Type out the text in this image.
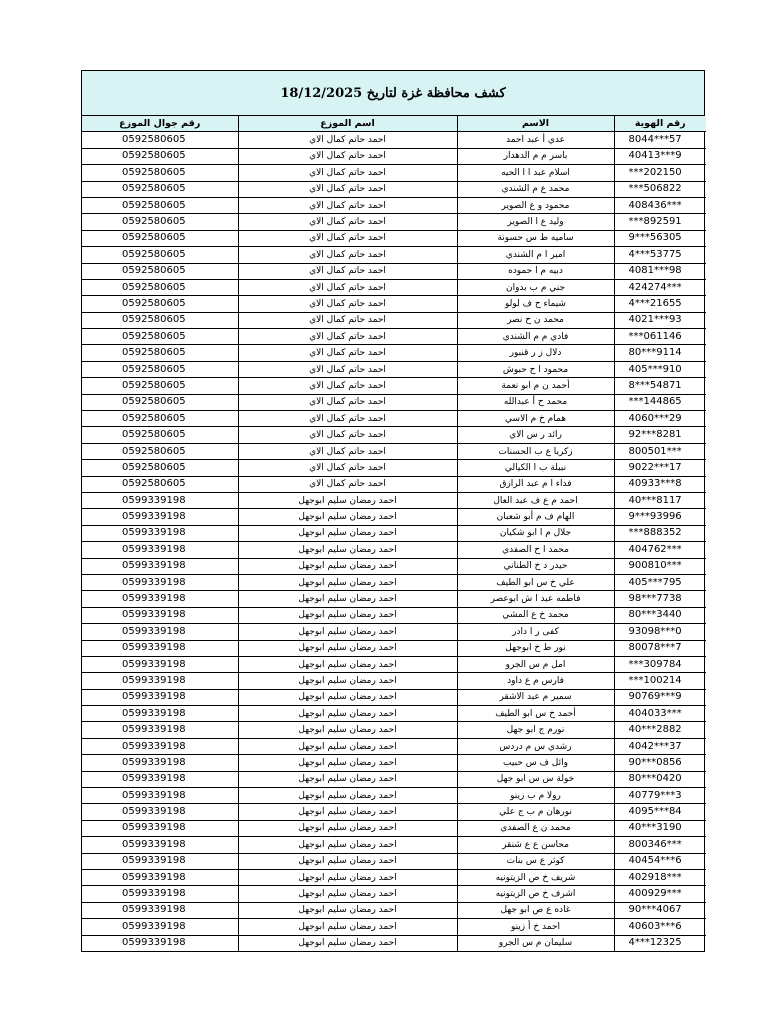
كشف محافظة غزة لتاريخ 18/12/2025
رقم الهوية	الاسم	اسم الموزع	رقم جوال الموزع
8044***57	عدي أ عبد احمد	احمد حاتم كمال الاي	0592580605
40413***9	باسر م م الدهدار	احمد حاتم كمال الاي	0592580605
***202150	اسلام عبد ا ا الحيه	احمد حاتم كمال الاي	0592580605
***506822	محمد ع م الشندي	احمد حاتم كمال الاي	0592580605
408436***	محمود و ع الصوير	احمد حاتم كمال الاي	0592580605
***892591	وليد ع ا الصوير	احمد حاتم كمال الاي	0592580605
9***56305	ساميه ط س حسونة	احمد حاتم كمال الاي	0592580605
4***53775	امير ا م الشندي	احمد حاتم كمال الاي	0592580605
4081***98	دبيه م ا حموده	احمد حاتم كمال الاي	0592580605
424274***	جني م ب بدوان	احمد حاتم كمال الاي	0592580605
4***21655	شيماء ح ف لولو	احمد حاتم كمال الاي	0592580605
4021***93	محمد ن ح نصر	احمد حاتم كمال الاي	0592580605
***061146	فادي م م الشندي	احمد حاتم كمال الاي	0592580605
80***9114	دلال ز ر قنبور	احمد حاتم كمال الاي	0592580605
405***910	محمود ا ح حبوش	احمد حاتم كمال الاي	0592580605
8***54871	أحمد ن م ابو نعمة	احمد حاتم كمال الاي	0592580605
***144865	محمد ح أ عبدالله	احمد حاتم كمال الاي	0592580605
4060***29	همام خ م الاسي	احمد حاتم كمال الاي	0592580605
92***8281	رائد ر س الاي	احمد حاتم كمال الاي	0592580605
800501***	زكريا ع ب الحسنات	احمد حاتم كمال الاي	0592580605
9022***17	نبيلة ب ا الكيالي	احمد حاتم كمال الاي	0592580605
40933***8	فداء ا م عبد الرازق	احمد حاتم كمال الاي	0592580605
40***8117	احمد م ع ف عبد العال	احمد رمضان سليم ابوجهل	0599339198
9***93996	الهام ف م أبو شعبان	احمد رمضان سليم ابوجهل	0599339198
***888352	جلال م ا ابو شكيان	احمد رمضان سليم ابوجهل	0599339198
404762***	محمد ا ح الصفدي	احمد رمضان سليم ابوجهل	0599339198
900810***	حيدر د خ الطناني	احمد رمضان سليم ابوجهل	0599339198
405***795	علي خ س ابو الطيف	احمد رمضان سليم ابوجهل	0599339198
98***7738	فاطمه عبد ا ش ابوعصر	احمد رمضان سليم ابوجهل	0599339198
80***3440	محمد خ ع المشي	احمد رمضان سليم ابوجهل	0599339198
93098***0	كفى ر ا دادر	احمد رمضان سليم ابوجهل	0599339198
80078***7	نور ط خ ابوجهل	احمد رمضان سليم ابوجهل	0599339198
***309784	امل م س الجرو	احمد رمضان سليم ابوجهل	0599339198
***100214	فارس م ع داود	احمد رمضان سليم ابوجهل	0599339198
90769***9	سمير م عبد الاشقر	احمد رمضان سليم ابوجهل	0599339198
404033***	أحمد خ س ابو الطيف	احمد رمضان سليم ابوجهل	0599339198
40***2882	نورم ج ابو جهل	احمد رمضان سليم ابوجهل	0599339198
4042***37	رشدي س م دردس	احمد رمضان سليم ابوجهل	0599339198
90***0856	وائل ف س حبيب	احمد رمضان سليم ابوجهل	0599339198
80***0420	خولة س س ابو جهل	احمد رمضان سليم ابوجهل	0599339198
40779***3	رولا م ب زينو	احمد رمضان سليم ابوجهل	0599339198
4095***84	نورهان م ب ج علي	احمد رمضان سليم ابوجهل	0599339198
40***3190	محمد ن ع الصفدي	احمد رمضان سليم ابوجهل	0599339198
800346***	محاسن ع ع شنقر	احمد رمضان سليم ابوجهل	0599339198
40454***6	كوثر ع س بنات	احمد رمضان سليم ابوجهل	0599339198
402918***	شريف خ ص الزيتونيه	احمد رمضان سليم ابوجهل	0599339198
400929***	اشرف خ ص الزيتونيه	احمد رمضان سليم ابوجهل	0599339198
90***4067	غاده ع ص ابو جهل	احمد رمضان سليم ابوجهل	0599339198
40603***6	احمد خ أ زينو	احمد رمضان سليم ابوجهل	0599339198
4***12325	سليمان م س الجرو	احمد رمضان سليم ابوجهل	0599339198
